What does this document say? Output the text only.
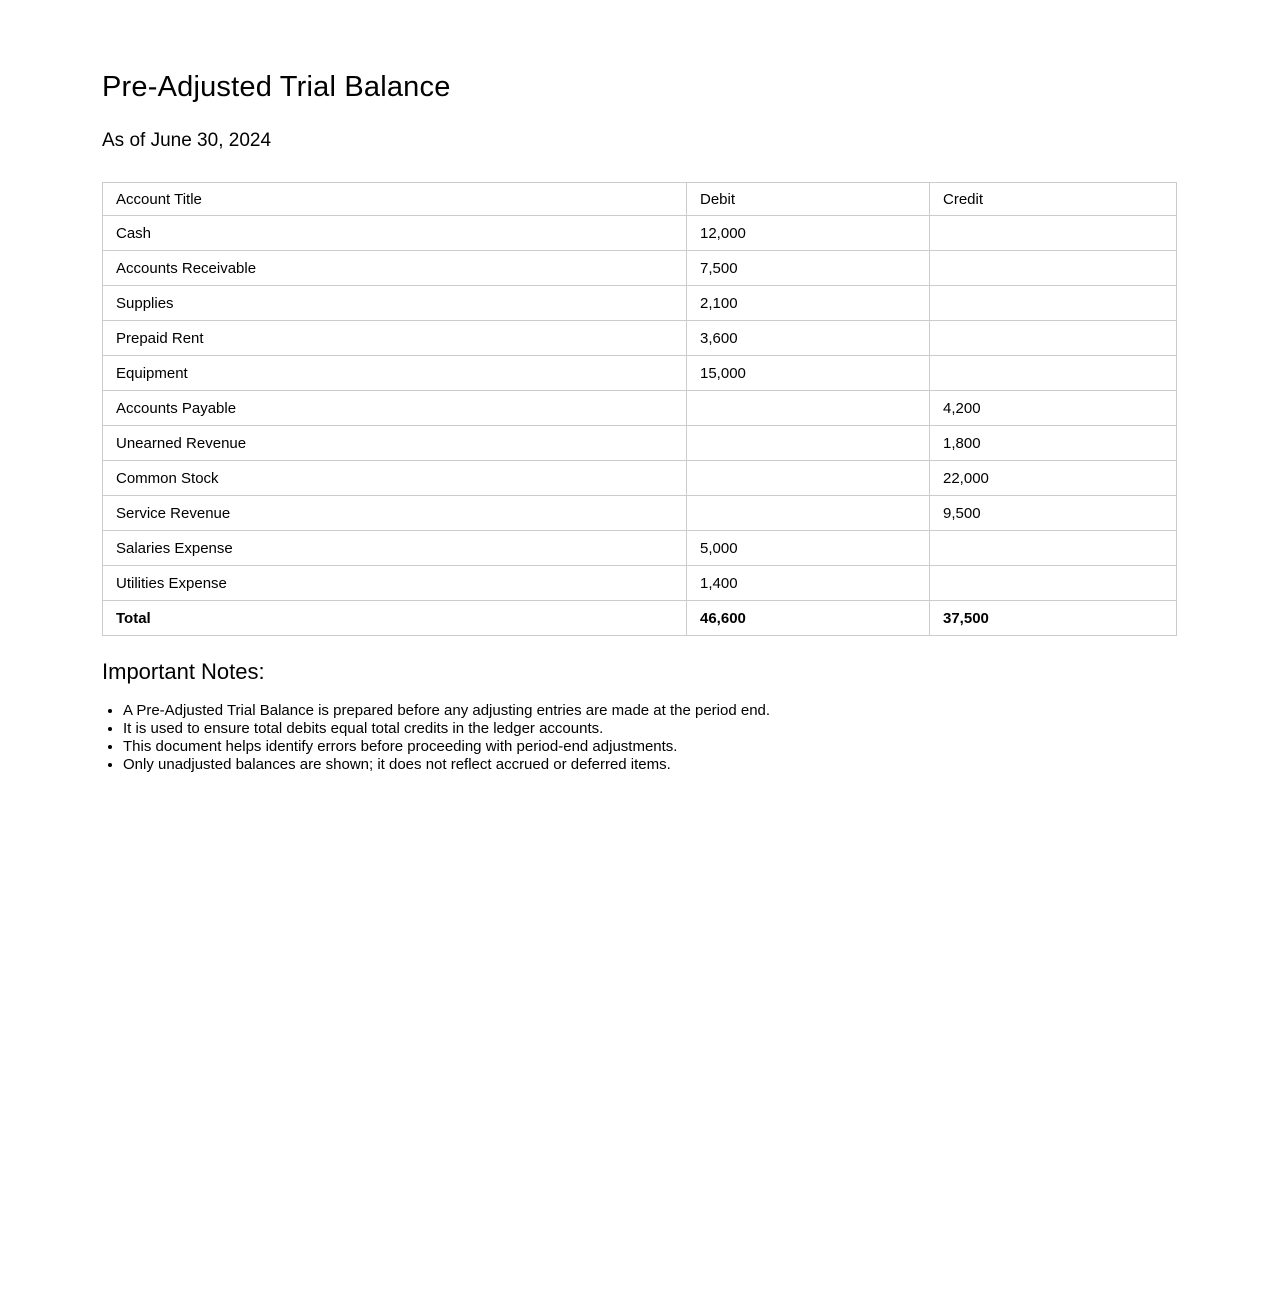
Pre-Adjusted Trial Balance
As of June 30, 2024
Account Title	Debit	Credit
Cash	12,000	
Accounts Receivable	7,500	
Supplies	2,100	
Prepaid Rent	3,600	
Equipment	15,000	
Accounts Payable		4,200
Unearned Revenue		1,800
Common Stock		22,000
Service Revenue		9,500
Salaries Expense	5,000	
Utilities Expense	1,400	
Total	46,600	37,500
Important Notes:
• A Pre-Adjusted Trial Balance is prepared before any adjusting entries are made at the period end.
• It is used to ensure total debits equal total credits in the ledger accounts.
• This document helps identify errors before proceeding with period-end adjustments.
• Only unadjusted balances are shown; it does not reflect accrued or deferred items.
